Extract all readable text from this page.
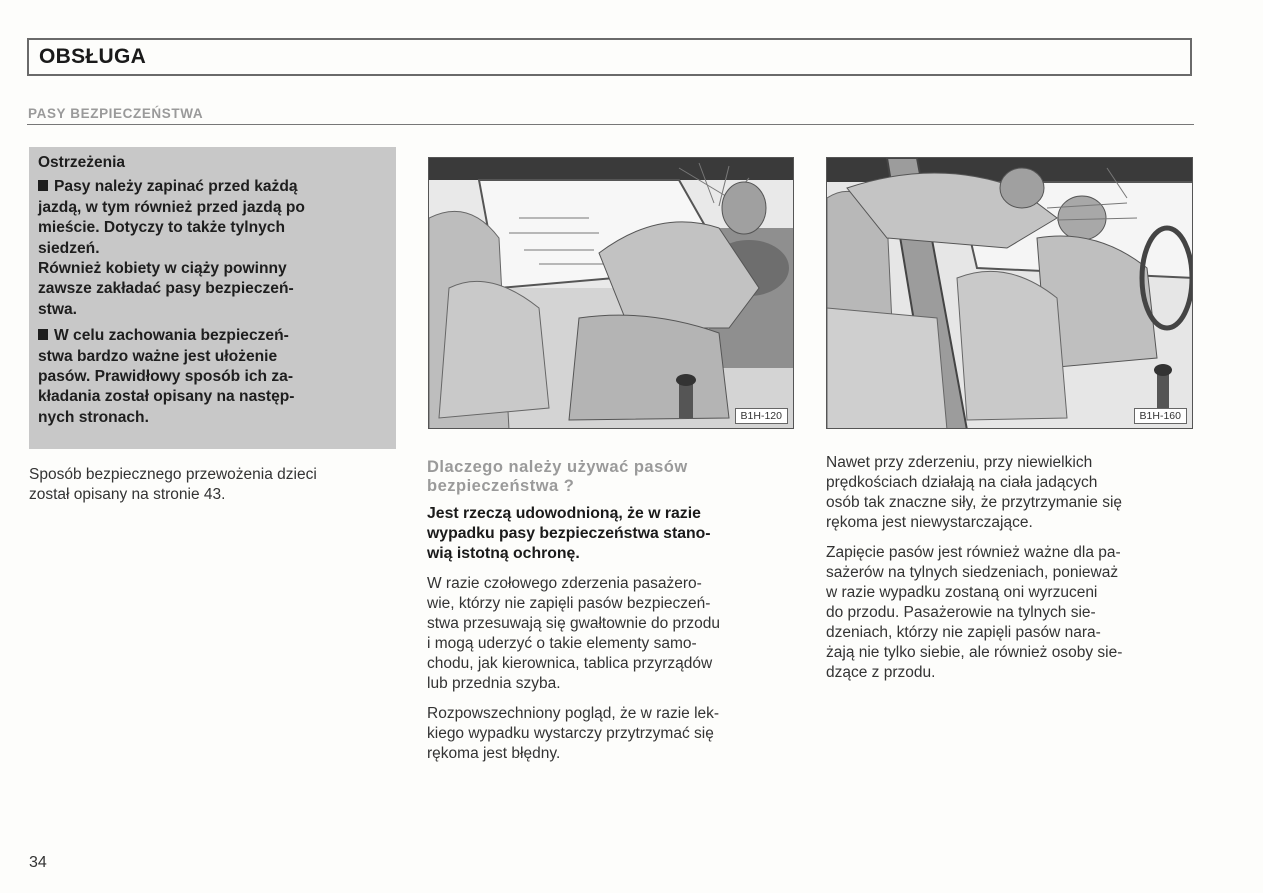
OBSŁUGA
PASY BEZPIECZEŃSTWA
Ostrzeżenia

Pasy należy zapinać przed każdą
jazdą, w tym również przed jazdą po
mieście. Dotyczy to także tylnych
siedzeń.
Również kobiety w ciąży powinny
zawsze zakładać pasy bezpieczeń-
stwa.

W celu zachowania bezpieczeń-
stwa bardzo ważne jest ułożenie
pasów. Prawidłowy sposób ich za-
kładania został opisany na następ-
nych stronach.

Sposób bezpiecznego przewożenia dzieci
został opisany na stronie 43.
B1H-120	B1H-160
Dlaczego należy używać pasów
bezpieczeństwa ?
Jest rzeczą udowodnioną, że w razie
wypadku pasy bezpieczeństwa stano-
wią istotną ochronę.

W razie czołowego zderzenia pasażero-
wie, którzy nie zapięli pasów bezpieczeń-
stwa przesuwają się gwałtownie do przodu
i mogą uderzyć o takie elementy samo-
chodu, jak kierownica, tablica przyrządów
lub przednia szyba.

Rozpowszechniony pogląd, że w razie lek-
kiego wypadku wystarczy przytrzymać się
rękoma jest błędny.

Nawet przy zderzeniu, przy niewielkich
prędkościach działają na ciała jadących
osób tak znaczne siły, że przytrzymanie się
rękoma jest niewystarczające.

Zapięcie pasów jest również ważne dla pa-
sażerów na tylnych siedzeniach, ponieważ
w razie wypadku zostaną oni wyrzuceni
do przodu. Pasażerowie na tylnych sie-
dzeniach, którzy nie zapięli pasów nara-
żają nie tylko siebie, ale również osoby sie-
dzące z przodu.

34
